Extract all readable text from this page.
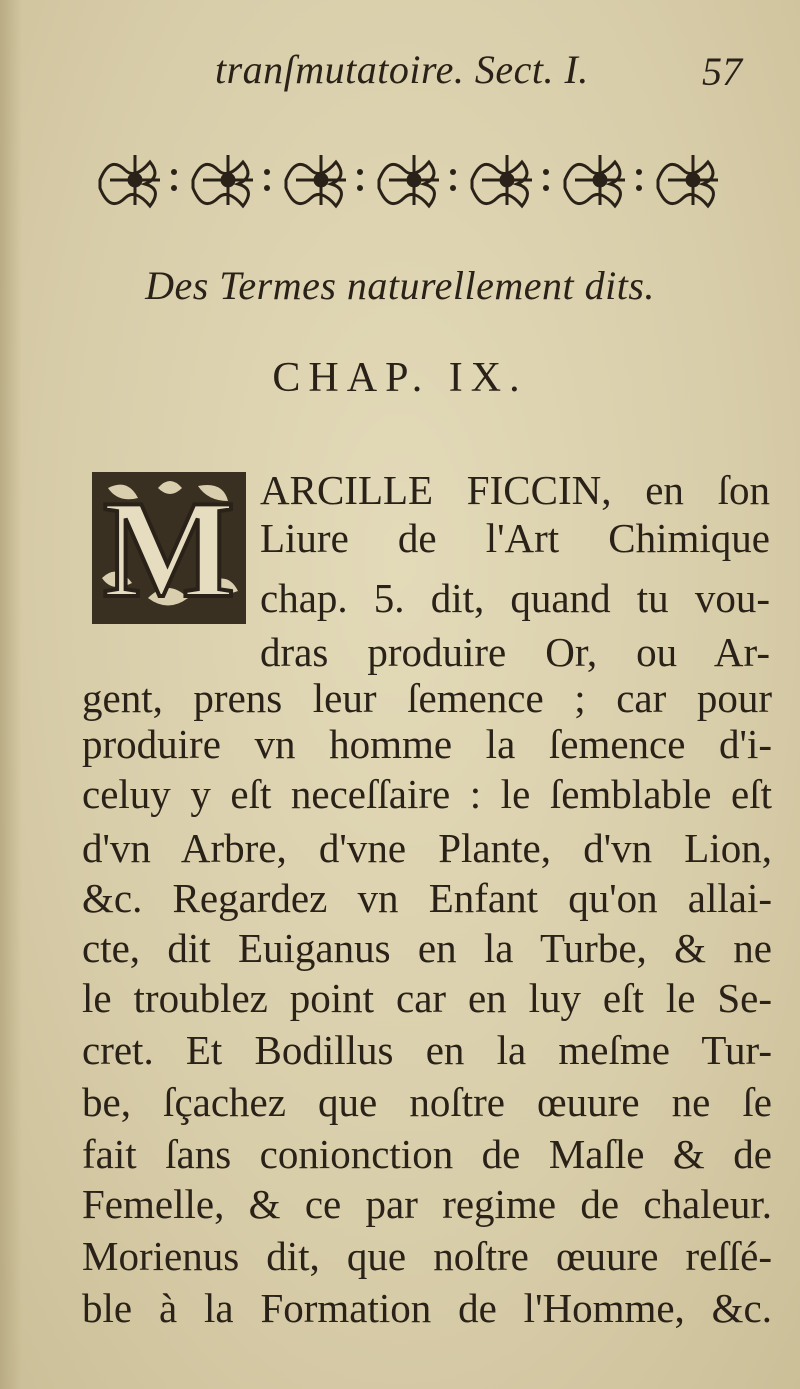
tranſmutatoire. Sect. I.	57
Des Termes naturellement dits.
CHAP. IX.
M ARCILLE FICCIN, en ſon
Liure de l'Art Chimique
chap. 5. dit, quand tu vou-
dras produire Or, ou Ar-
gent, prens leur ſemence ; car pour
produire vn homme la ſemence d'i-
celuy y eſt neceſſaire : le ſemblable eſt
d'vn Arbre, d'vne Plante, d'vn Lion,
&c. Regardez vn Enfant qu'on allai-
cte, dit Euiganus en la Turbe, & ne
le troublez point car en luy eſt le Se-
cret. Et Bodillus en la meſme Tur-
be, ſçachez que noſtre œuure ne ſe
fait ſans conionction de Maſle & de
Femelle, & ce par regime de chaleur.
Morienus dit, que noſtre œuure reſſé-
ble à la Formation de l'Homme, &c.
